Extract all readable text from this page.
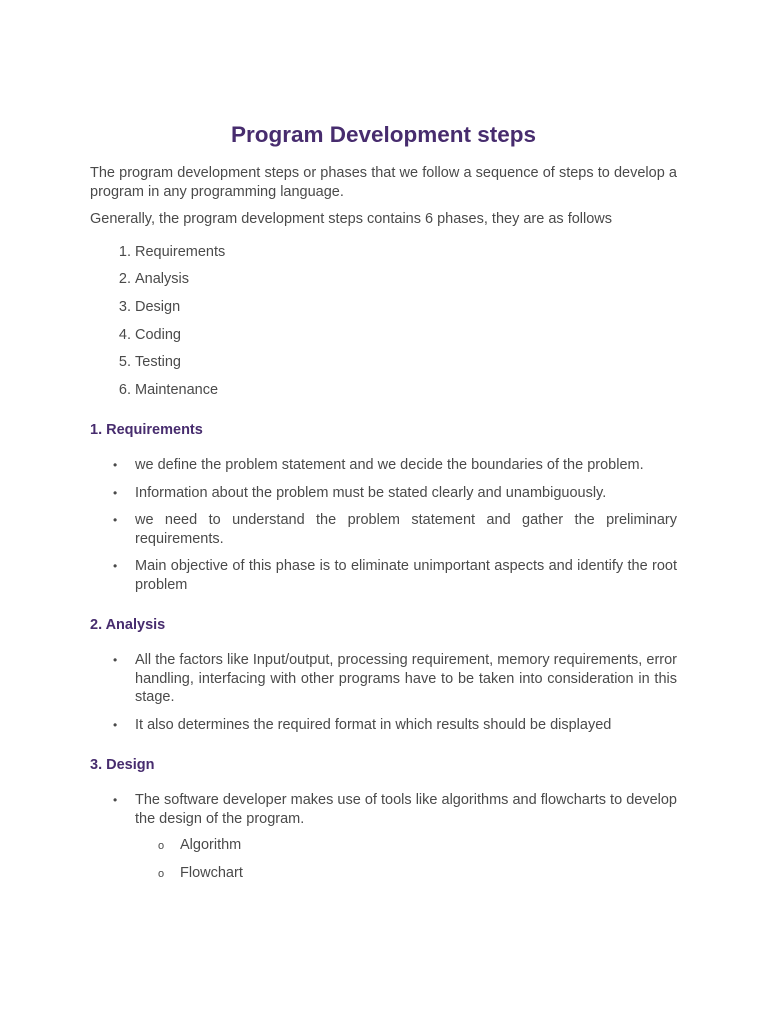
Program Development steps

The program development steps or phases that we follow a sequence of steps to develop a program in any programming language.

Generally, the program development steps contains 6 phases, they are as follows

1. Requirements
2. Analysis
3. Design
4. Coding
5. Testing
6. Maintenance
1. Requirements
• we define the problem statement and we decide the boundaries of the problem.
• Information about the problem must be stated clearly and unambiguously.
• we need to understand the problem statement and gather the preliminary requirements.
• Main objective of this phase is to eliminate unimportant aspects and identify the root problem
2. Analysis
• All the factors like Input/output, processing requirement, memory requirements, error handling, interfacing with other programs have to be taken into consideration in this stage.
• It also determines the required format in which results should be displayed
3. Design
• The software developer makes use of tools like algorithms and flowcharts to develop the design of the program.
o Algorithm
o Flowchart
